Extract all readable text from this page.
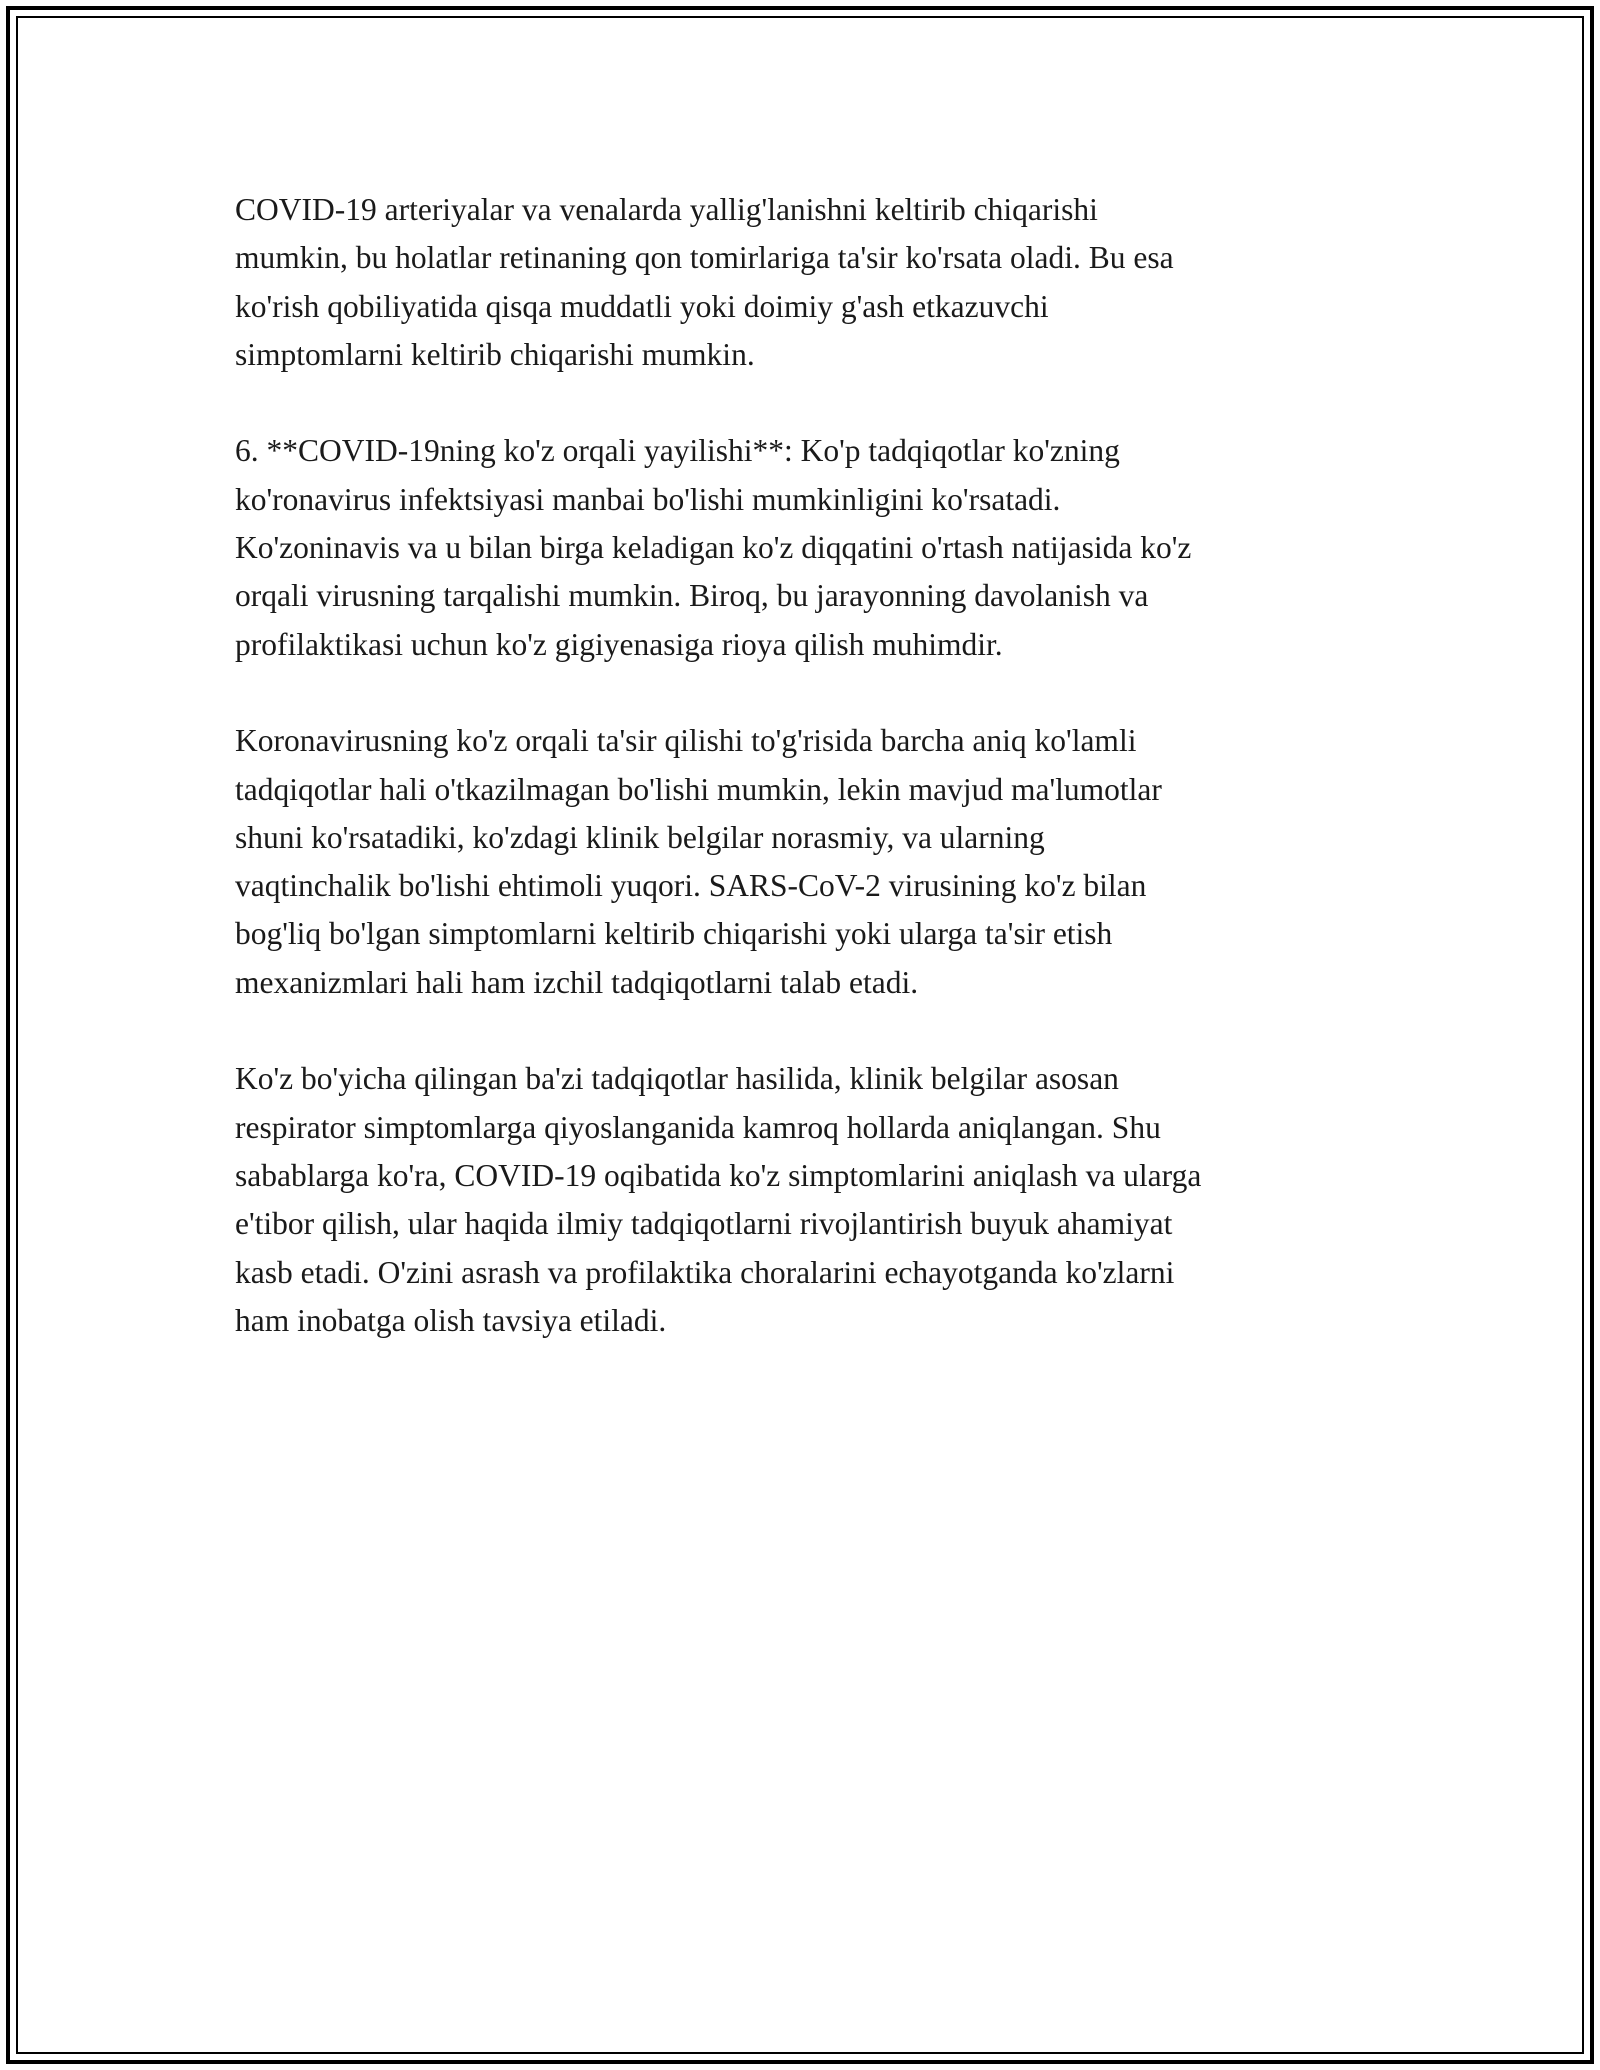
COVID-19 arteriyalar va venalarda yallig'lanishni keltirib chiqarishi
mumkin, bu holatlar retinaning qon tomirlariga ta'sir ko'rsata oladi. Bu esa
ko'rish qobiliyatida qisqa muddatli yoki doimiy g'ash etkazuvchi
simptomlarni keltirib chiqarishi mumkin.

6. **COVID-19ning ko'z orqali yayilishi**: Ko'p tadqiqotlar ko'zning
ko'ronavirus infektsiyasi manbai bo'lishi mumkinligini ko'rsatadi.
Ko'zoninavis va u bilan birga keladigan ko'z diqqatini o'rtash natijasida ko'z
orqali virusning tarqalishi mumkin. Biroq, bu jarayonning davolanish va
profilaktikasi uchun ko'z gigiyenasiga rioya qilish muhimdir.

Koronavirusning ko'z orqali ta'sir qilishi to'g'risida barcha aniq ko'lamli
tadqiqotlar hali o'tkazilmagan bo'lishi mumkin, lekin mavjud ma'lumotlar
shuni ko'rsatadiki, ko'zdagi klinik belgilar norasmiy, va ularning
vaqtinchalik bo'lishi ehtimoli yuqori. SARS-CoV-2 virusining ko'z bilan
bog'liq bo'lgan simptomlarni keltirib chiqarishi yoki ularga ta'sir etish
mexanizmlari hali ham izchil tadqiqotlarni talab etadi.

Ko'z bo'yicha qilingan ba'zi tadqiqotlar hasilida, klinik belgilar asosan
respirator simptomlarga qiyoslanganida kamroq hollarda aniqlangan. Shu
sabablarga ko'ra, COVID-19 oqibatida ko'z simptomlarini aniqlash va ularga
e'tibor qilish, ular haqida ilmiy tadqiqotlarni rivojlantirish buyuk ahamiyat
kasb etadi. O'zini asrash va profilaktika choralarini echayotganda ko'zlarni
ham inobatga olish tavsiya etiladi.
